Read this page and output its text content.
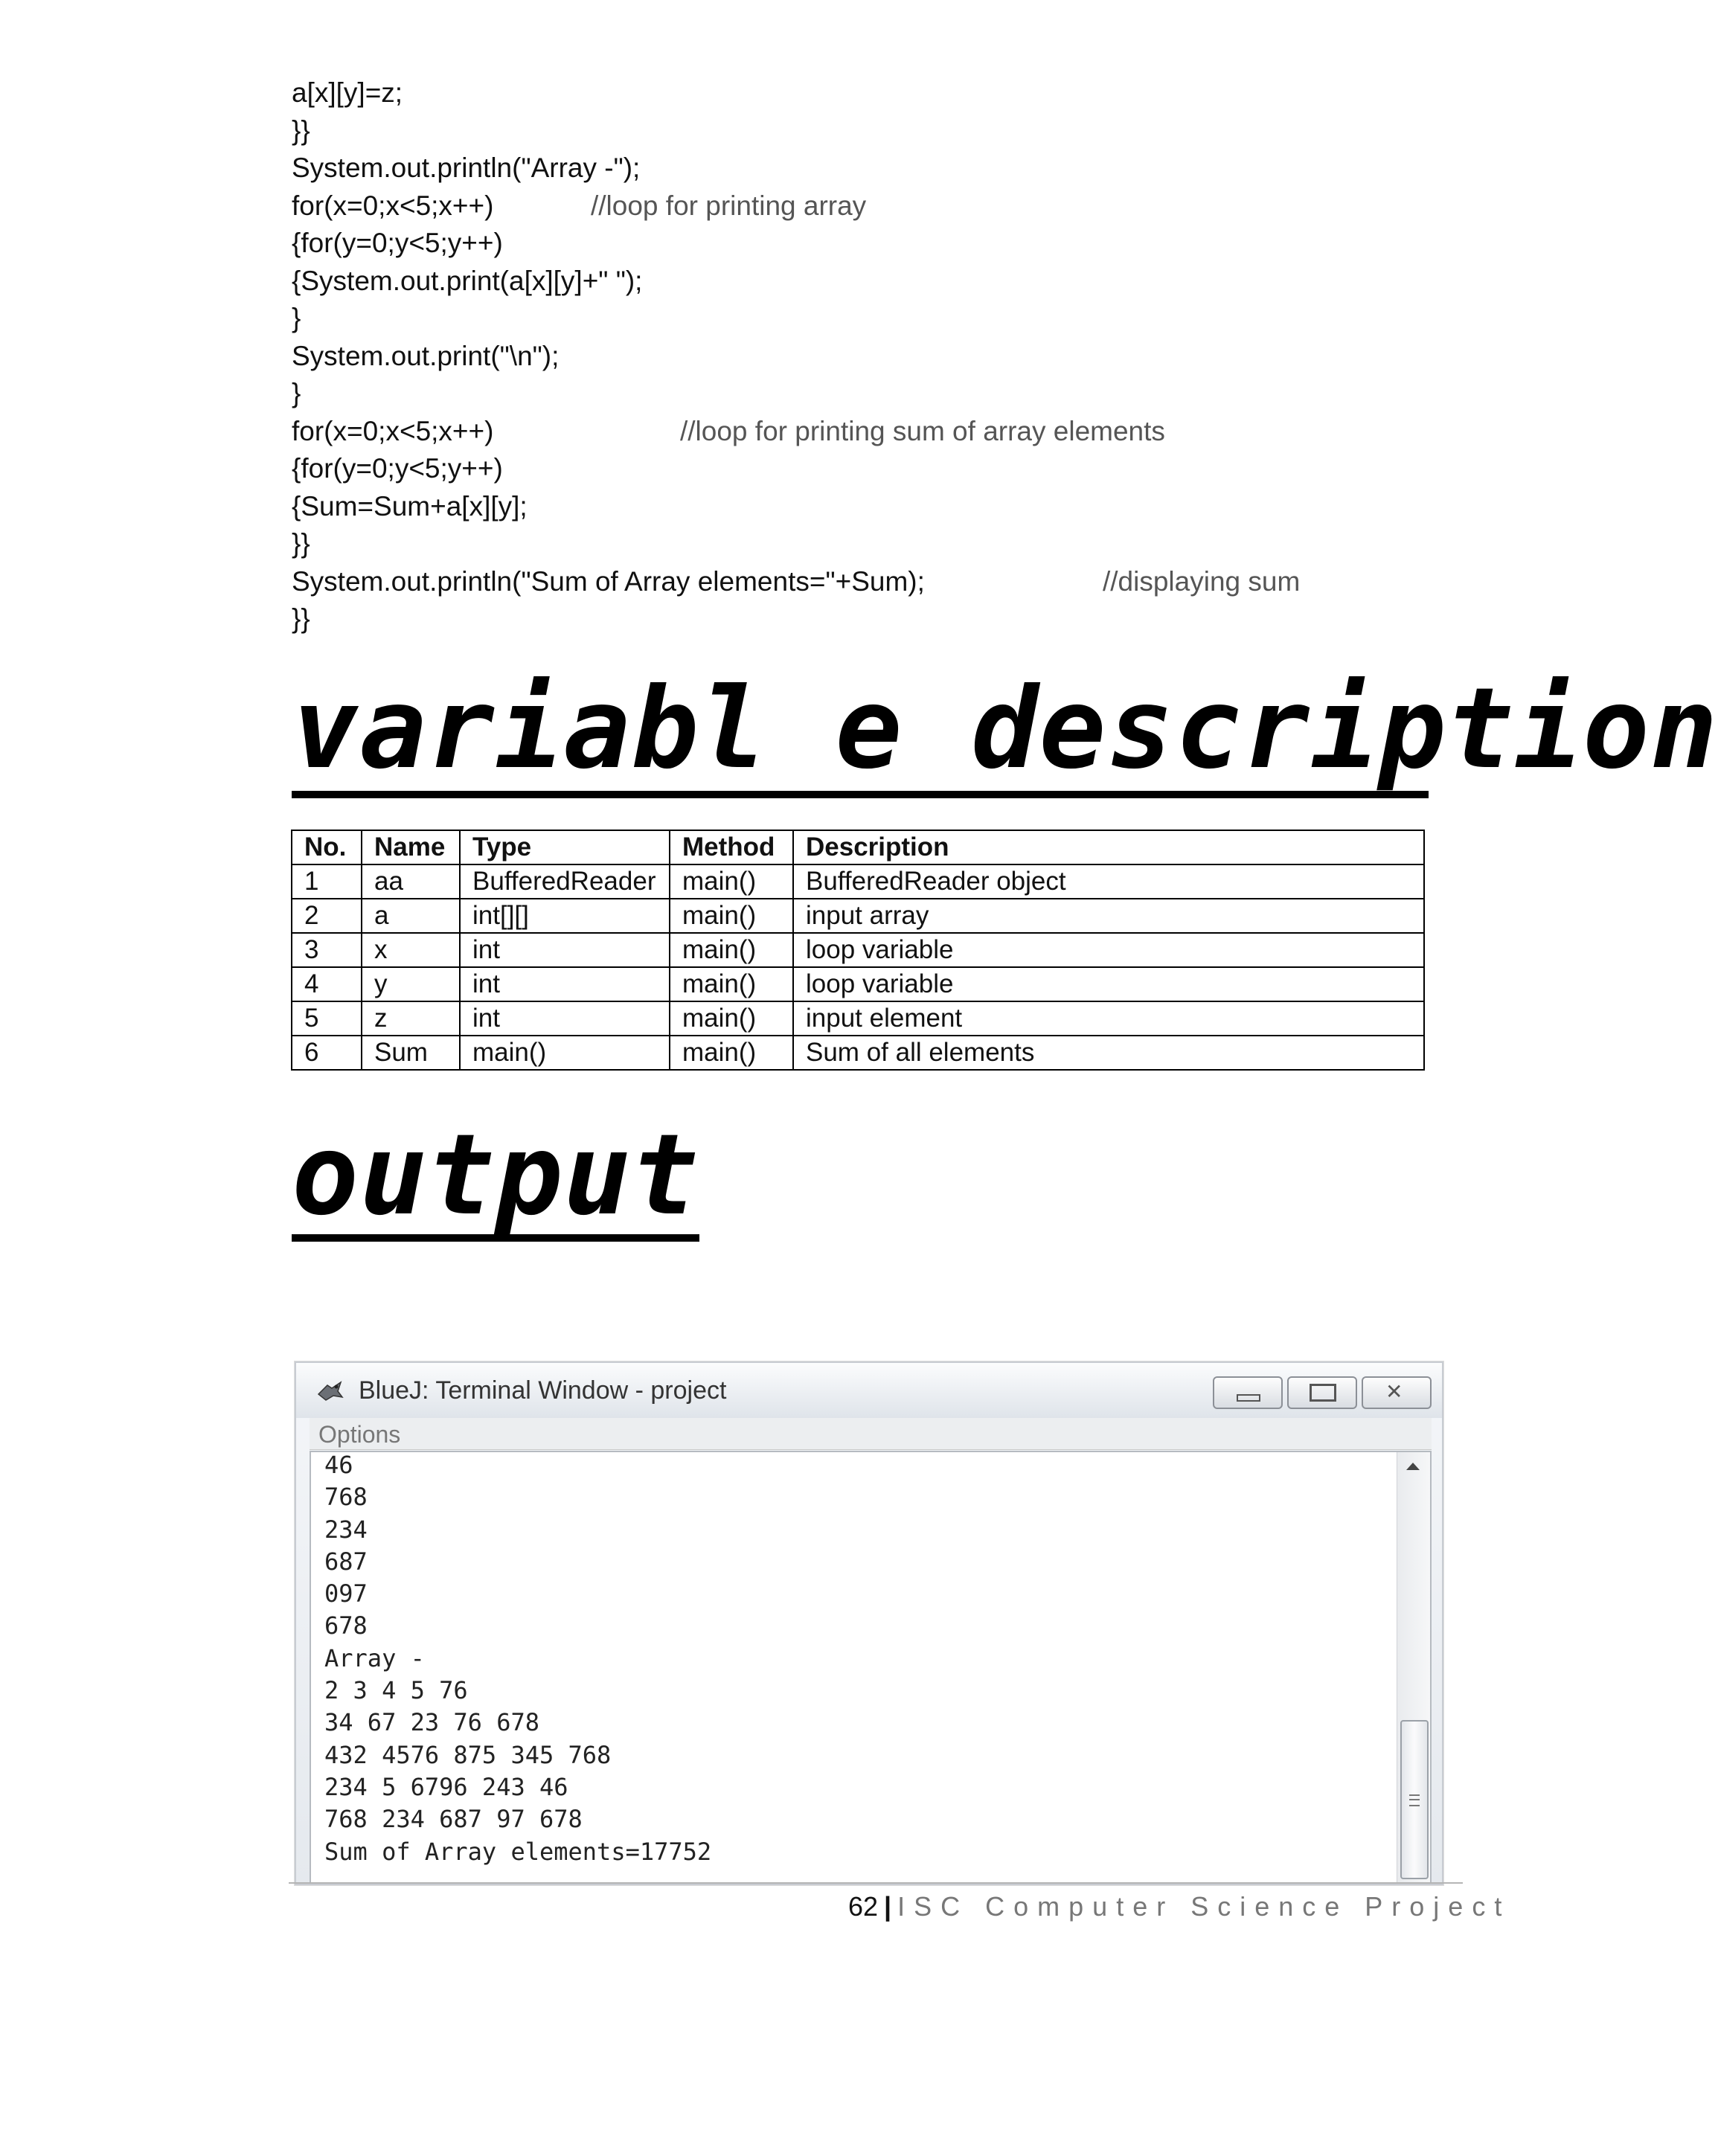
a[x][y]=z;
}}
System.out.println("Array -");
for(x=0;x<5;x++)	//loop for printing array
{for(y=0;y<5;y++)
{System.out.print(a[x][y]+" ");
}
System.out.print("\n");
}
for(x=0;x<5;x++)	//loop for printing sum of array elements
{for(y=0;y<5;y++)
{Sum=Sum+a[x][y];
}}
System.out.println("Sum of Array elements="+Sum);	//displaying sum
}}
variabl e description
No.	Name	Type	Method	Description
1	aa	BufferedReader	main()	BufferedReader object
2	a	int[][]	main()	input array
3	x	int	main()	loop variable
4	y	int	main()	loop variable
5	z	int	main()	input element
6	Sum	main()	main()	Sum of all elements
output
BlueJ: Terminal Window - project	✕
Options
46
768
234
687
097
678
Array -
2 3 4 5 76
34 67 23 76 678
432 4576 875 345 768
234 5 6796 243 46
768 234 687 97 678
Sum of Array elements=17752
62 | ISC Computer Science Project
